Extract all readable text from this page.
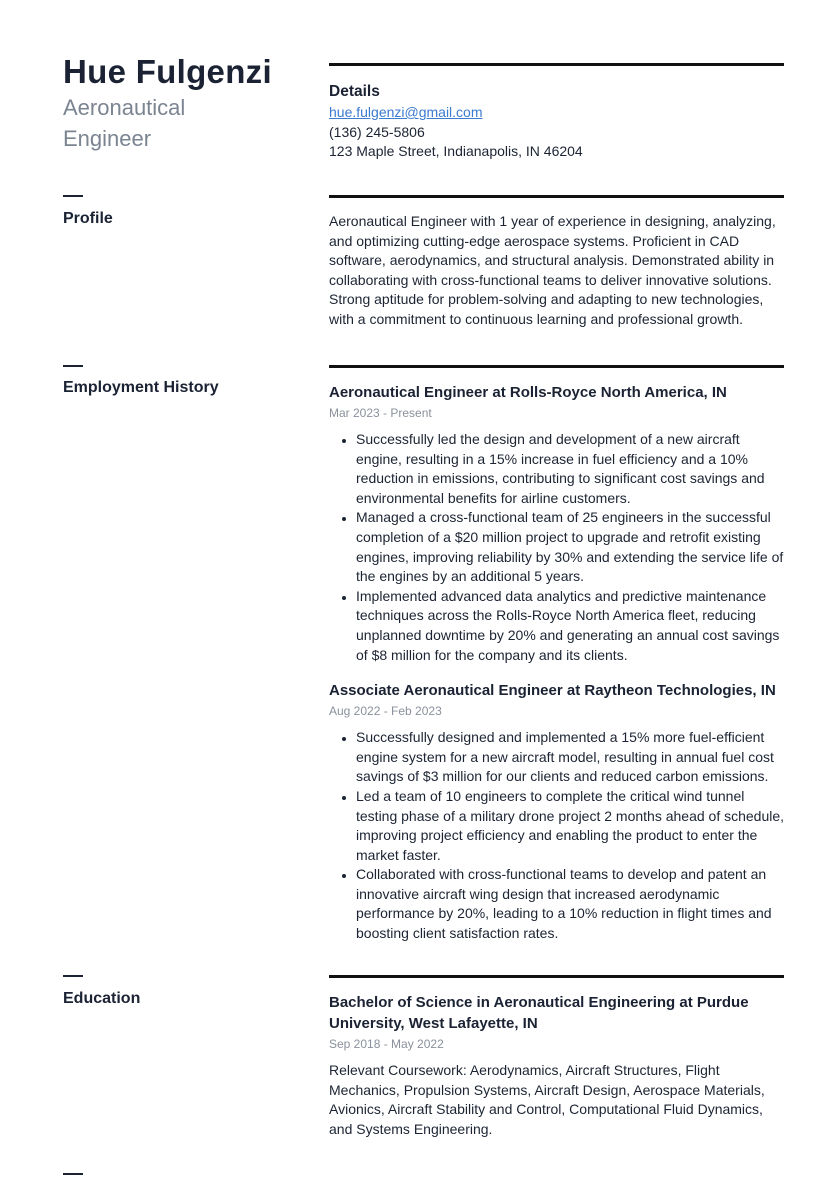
Hue Fulgenzi
Aeronautical Engineer
Details
hue.fulgenzi@gmail.com
(136) 245-5806
123 Maple Street, Indianapolis, IN 46204
Profile	Aeronautical Engineer with 1 year of experience in designing, analyzing, and optimizing cutting-edge aerospace systems. Proficient in CAD software, aerodynamics, and structural analysis. Demonstrated ability in collaborating with cross-functional teams to deliver innovative solutions. Strong aptitude for problem-solving and adapting to new technologies, with a commitment to continuous learning and professional growth.
Employment History	Aeronautical Engineer at Rolls-Royce North America, IN
Mar 2023 - Present
• Successfully led the design and development of a new aircraft engine, resulting in a 15% increase in fuel efficiency and a 10% reduction in emissions, contributing to significant cost savings and environmental benefits for airline customers.
• Managed a cross-functional team of 25 engineers in the successful completion of a $20 million project to upgrade and retrofit existing engines, improving reliability by 30% and extending the service life of the engines by an additional 5 years.
• Implemented advanced data analytics and predictive maintenance techniques across the Rolls-Royce North America fleet, reducing unplanned downtime by 20% and generating an annual cost savings of $8 million for the company and its clients.
Associate Aeronautical Engineer at Raytheon Technologies, IN
Aug 2022 - Feb 2023
• Successfully designed and implemented a 15% more fuel-efficient engine system for a new aircraft model, resulting in annual fuel cost savings of $3 million for our clients and reduced carbon emissions.
• Led a team of 10 engineers to complete the critical wind tunnel testing phase of a military drone project 2 months ahead of schedule, improving project efficiency and enabling the product to enter the market faster.
• Collaborated with cross-functional teams to develop and patent an innovative aircraft wing design that increased aerodynamic performance by 20%, leading to a 10% reduction in flight times and boosting client satisfaction rates.
Education	Bachelor of Science in Aeronautical Engineering at Purdue University, West Lafayette, IN
Sep 2018 - May 2022
Relevant Coursework: Aerodynamics, Aircraft Structures, Flight Mechanics, Propulsion Systems, Aircraft Design, Aerospace Materials, Avionics, Aircraft Stability and Control, Computational Fluid Dynamics, and Systems Engineering.
